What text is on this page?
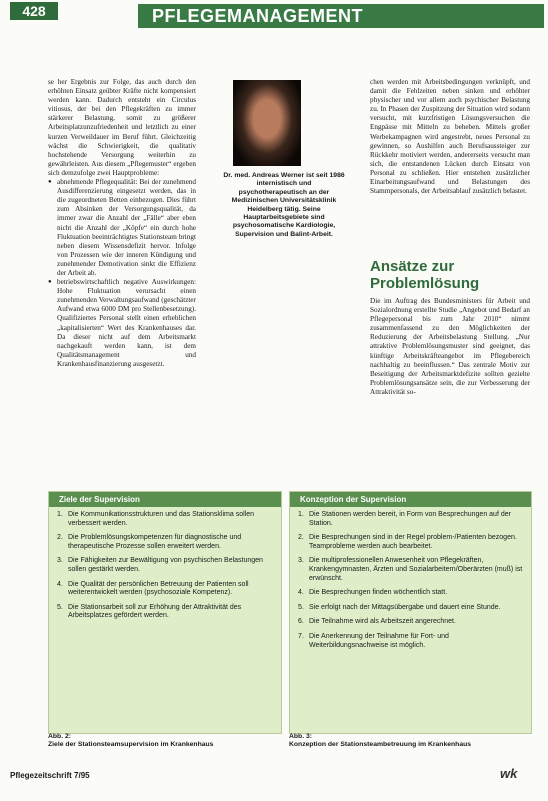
428	PFLEGEMANAGEMENT

se her Ergebnis zur Folge, das auch durch den erhöhten Einsatz geübter Kräfte nicht kompensiert werden kann. Dadurch entsteht ein Circulus vitiosus, der bei den Pflegekräften zu immer stärkerer Belastung, somit zu größerer Arbeitsplatzunzufriedenheit und letztlich zu einer kurzen Verweildauer im Beruf führt. Gleichzeitig wächst die Schwierigkeit, die qualitativ hochstehende Versorgung weiterhin zu gewährleisten. Aus diesem „Pflegemuster“ ergeben sich demzufolge zwei Hauptprobleme:

● abnehmende Pflegequalität: Bei der zunehmend Ausdifferenzierung eingesetzt werden, das in die zugeordneten Betten einbezogen. Dies führt zum Absinken der Versorgungsqualität, da immer zwar die Anzahl der „Fälle“ aber eben nicht die Anzahl der „Köpfe“ ein durch hohe Fluktuation beeinträchtigtes Stationsteam bringt neben diesem Wissensdefizit hervor. Infolge von Prozessen wie der inneren Kündigung und zunehmender Demotivation sinkt die Effizienz der Arbeit ab.
● betriebswirtschaftlich negative Auswirkungen: Hohe Fluktuation verursacht einen zunehmenden Verwaltungsaufwand (geschätzter Aufwand etwa 6000 DM pro Stellenbesetzung). Qualifiziertes Personal stellt einen erheblichen „kapitalisierten“ Wert des Krankenhauses dar. Da dieser nicht auf dem Arbeitsmarkt nachgekauft werden kann, ist dem Qualitätsmanagement und Krankenhausfinanzierung ausgesetzt.
Dr. med. Andreas Werner ist seit 1986 internistisch und psychotherapeutisch an der Medizinischen Universitätsklinik Heidelberg tätig. Seine Hauptarbeitsgebiete sind psychosomatische Kardiologie, Supervision und Balint-Arbeit.

chen werden mit Arbeitsbedingungen verknüpft, und damit die Fehlzeiten neben sinken und erhöhter physischer und vor allem auch psychischer Belastung zu. In Phasen der Zuspitzung der Situation wird sodann versucht, mit kurzfristigen Lösungsversuchen die Engpässe mit Mitteln zu beheben. Mittels großer Werbekampagnen wird angestrebt, neues Personal zu gewinnen, so Aushilfen auch Berufsaussteiger zur Rückkehr motiviert werden, andererseits versucht man sich, die entstandenen Lücken durch Einsatz von Personal zu schließen. Hier entstehen zusätzlicher Einarbeitungsaufwand und Belastungen des Stammpersonals, der Arbeitsablauf zusätzlich belastet.

Ansätze zur Problemlösung

Die im Auftrag des Bundesministers für Arbeit und Sozialordnung erstellte Studie „Angebot und Bedarf an Pflegepersonal bis zum Jahr 2010“ nimmt zusammenfassend zu den Möglichkeiten der Reduzierung der Arbeitsbelastung Stellung. „Nur attraktive Problemlösungsmuster sind geeignet, das künftige Arbeitskräfteangebot im Pflegebereich nachhaltig zu beeinflussen.“ Das zentrale Motiv zur Beseitigung der Arbeitsmarktdefizite sollten gezielte Problemlösungsansätze sein, die zur Verbesserung der Attraktivität so-

Ziele der Supervision
1. Die Kommunikationsstrukturen und das Stationsklima sollen verbessert werden.
2. Die Problemlösungskompetenzen für diagnostische und therapeutische Prozesse sollen erweitert werden.
3. Die Fähigkeiten zur Bewältigung von psychischen Belastungen sollen gestärkt werden.
4. Die Qualität der persönlichen Betreuung der Patienten soll weiterentwickelt werden (psychosoziale Kompetenz).
5. Die Stationsarbeit soll zur Erhöhung der Attraktivität des Arbeitsplatzes gefördert werden.
Konzeption der Supervision
1. Die Stationen werden bereit, in Form von Besprechungen auf der Station.
2. Die Besprechungen sind in der Regel problem-/Patienten bezogen. Teamprobleme werden auch bearbeitet.
3. Die multiprofessionellen Anwesenheit von Pflegekräften, Krankengymnasten, Ärzten und Sozialarbeitern/Oberärzten (muß) ist erwünscht.
4. Die Besprechungen finden wöchentlich statt.
5. Sie erfolgt nach der Mittagsübergabe und dauert eine Stunde.
6. Die Teilnahme wird als Arbeitszeit angerechnet.
7. Die Anerkennung der Teilnahme für Fort- und Weiterbildungsnachweise ist möglich.
Abb. 2:
Ziele der Stationsteamsupervision im Krankenhaus
Abb. 3:
Konzeption der Stationsteambetreuung im Krankenhaus
Pflegezeitschrift 7/95	wk
